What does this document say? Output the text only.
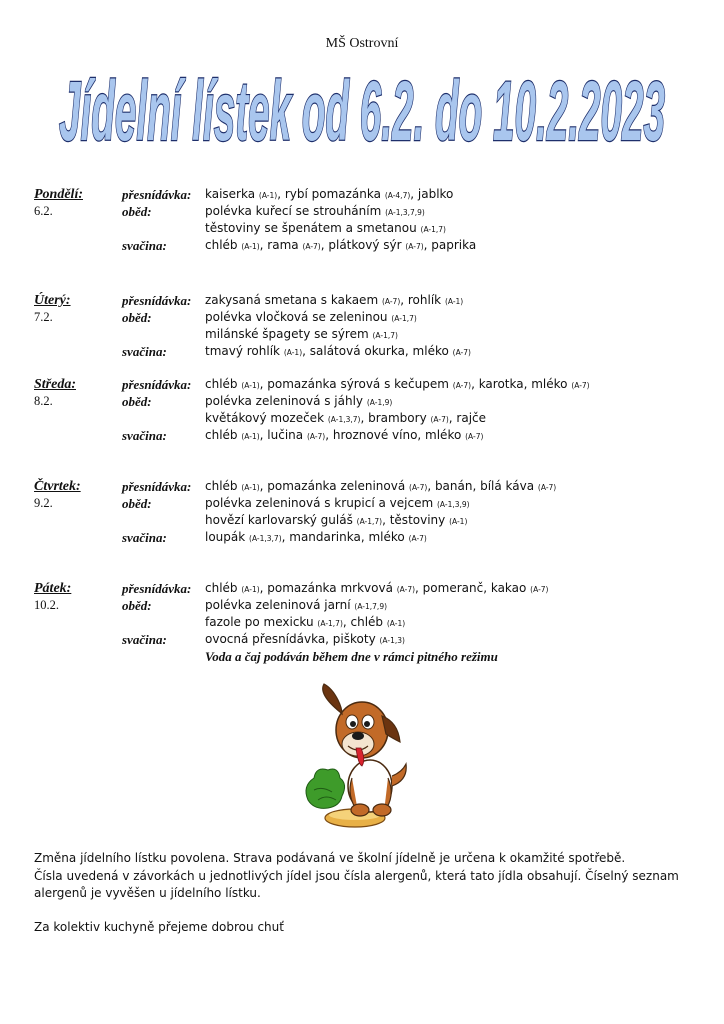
MŠ Ostrovní
Jídelní lístek od 6.2. do 10.2.2023
Pondělí:	přesnídávka:	kaiserka (A-1), rybí pomazánka (A-4,7), jablko
6.2.	oběd:	polévka kuřecí se strouháním (A-1,3,7,9)
těstoviny se špenátem a smetanou (A-1,7)
svačina:	chléb (A-1), rama (A-7), plátkový sýr (A-7), paprika
Úterý:	přesnídávka:	zakysaná smetana s kakaem (A-7), rohlík (A-1)
7.2.	oběd:	polévka vločková se zeleninou (A-1,7)
milánské špagety se sýrem (A-1,7)
svačina:	tmavý rohlík (A-1), salátová okurka, mléko (A-7)
Středa:	přesnídávka:	chléb (A-1), pomazánka sýrová s kečupem (A-7), karotka, mléko (A-7)
8.2.	oběd:	polévka zeleninová s jáhly (A-1,9)
květákový mozeček (A-1,3,7), brambory (A-7), rajče
svačina:	chléb (A-1), lučina (A-7), hroznové víno, mléko (A-7)
Čtvrtek:	přesnídávka:	chléb (A-1), pomazánka zeleninová (A-7), banán, bílá káva (A-7)
9.2.	oběd:	polévka zeleninová s krupicí a vejcem (A-1,3,9)
hovězí karlovarský guláš (A-1,7), těstoviny (A-1)
svačina:	loupák (A-1,3,7), mandarinka, mléko (A-7)
Pátek:	přesnídávka:	chléb (A-1), pomazánka mrkvová (A-7), pomeranč, kakao (A-7)
10.2.	oběd:	polévka zeleninová jarní (A-1,7,9)
fazole po mexicku (A-1,7), chléb (A-1)
svačina:	ovocná přesnídávka, piškoty (A-1,3)
Voda a čaj podáván během dne v rámci pitného režimu

Změna jídelního lístku povolena. Strava podávaná ve školní jídelně je určena k okamžité spotřebě.

Čísla uvedená v závorkách u jednotlivých jídel jsou čísla alergenů, která tato jídla obsahují. Číselný seznam alergenů je vyvěšen u jídelního lístku.

Za kolektiv kuchyně přejeme dobrou chuť
